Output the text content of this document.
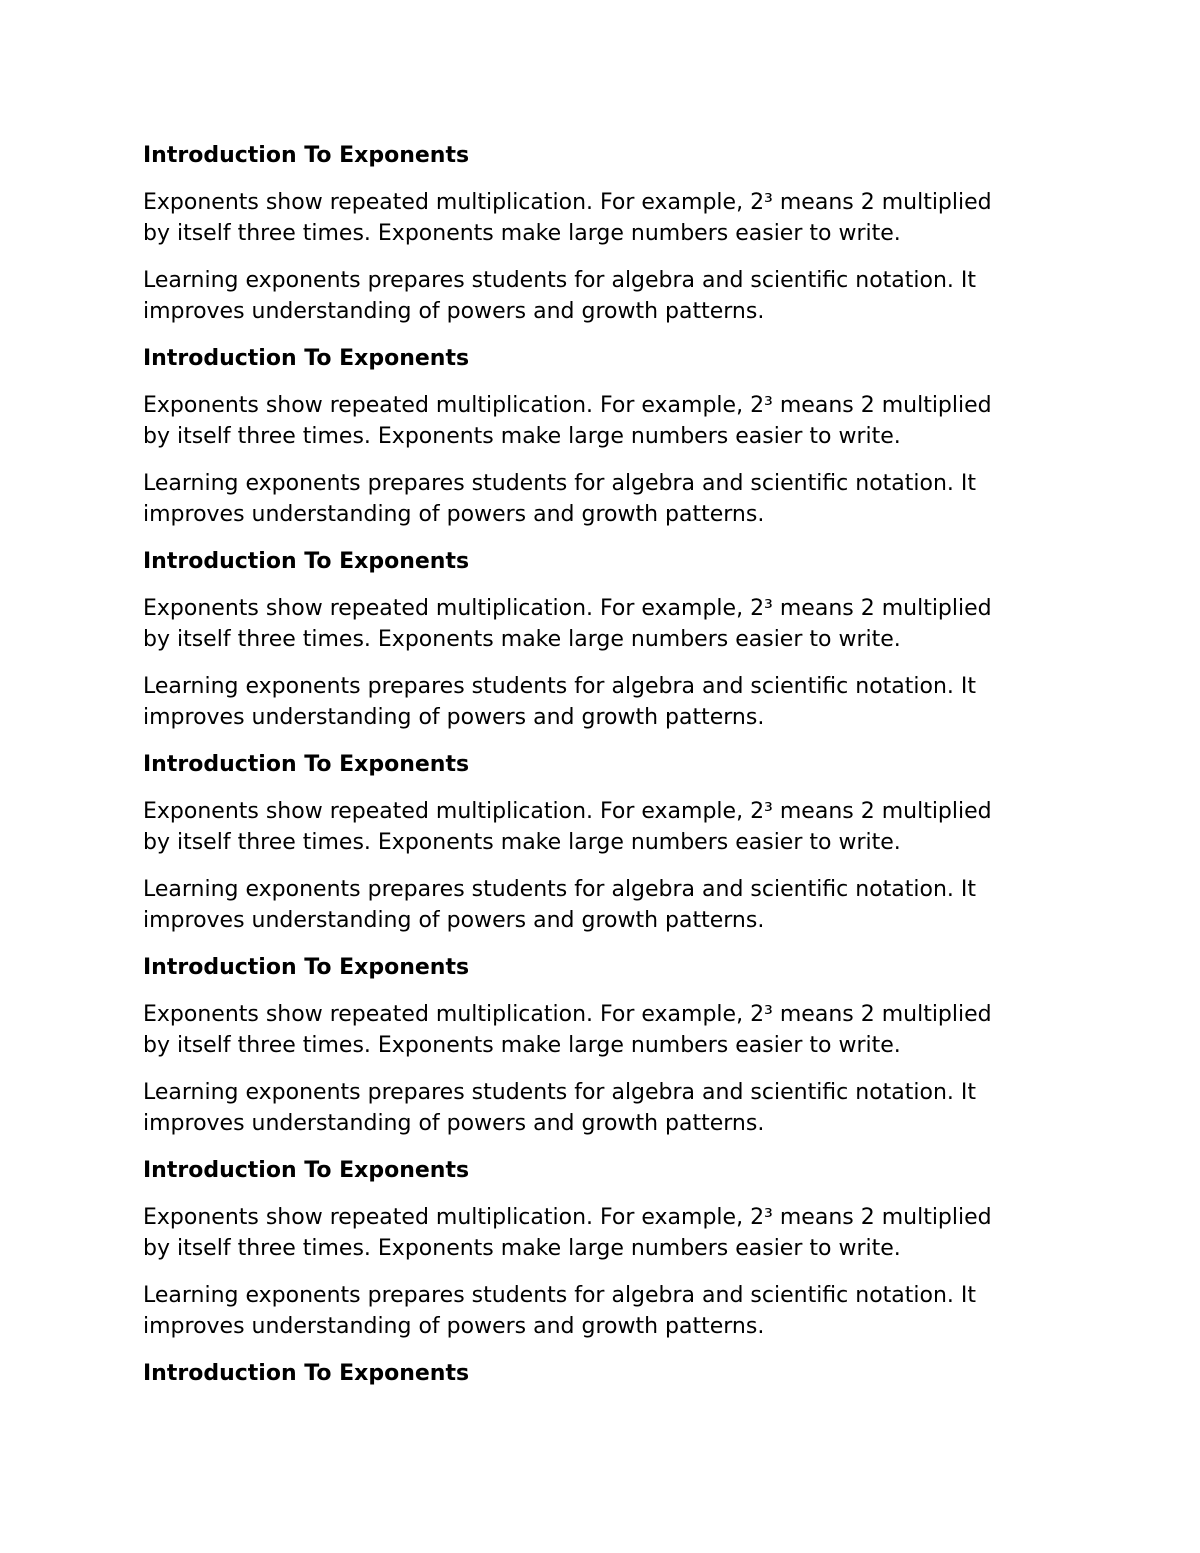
Introduction To Exponents

Exponents show repeated multiplication. For example, 2³ means 2 multiplied
by itself three times. Exponents make large numbers easier to write.

Learning exponents prepares students for algebra and scientific notation. It
improves understanding of powers and growth patterns.

Introduction To Exponents

Exponents show repeated multiplication. For example, 2³ means 2 multiplied
by itself three times. Exponents make large numbers easier to write.

Learning exponents prepares students for algebra and scientific notation. It
improves understanding of powers and growth patterns.

Introduction To Exponents

Exponents show repeated multiplication. For example, 2³ means 2 multiplied
by itself three times. Exponents make large numbers easier to write.

Learning exponents prepares students for algebra and scientific notation. It
improves understanding of powers and growth patterns.

Introduction To Exponents

Exponents show repeated multiplication. For example, 2³ means 2 multiplied
by itself three times. Exponents make large numbers easier to write.

Learning exponents prepares students for algebra and scientific notation. It
improves understanding of powers and growth patterns.

Introduction To Exponents

Exponents show repeated multiplication. For example, 2³ means 2 multiplied
by itself three times. Exponents make large numbers easier to write.

Learning exponents prepares students for algebra and scientific notation. It
improves understanding of powers and growth patterns.

Introduction To Exponents

Exponents show repeated multiplication. For example, 2³ means 2 multiplied
by itself three times. Exponents make large numbers easier to write.

Learning exponents prepares students for algebra and scientific notation. It
improves understanding of powers and growth patterns.

Introduction To Exponents
